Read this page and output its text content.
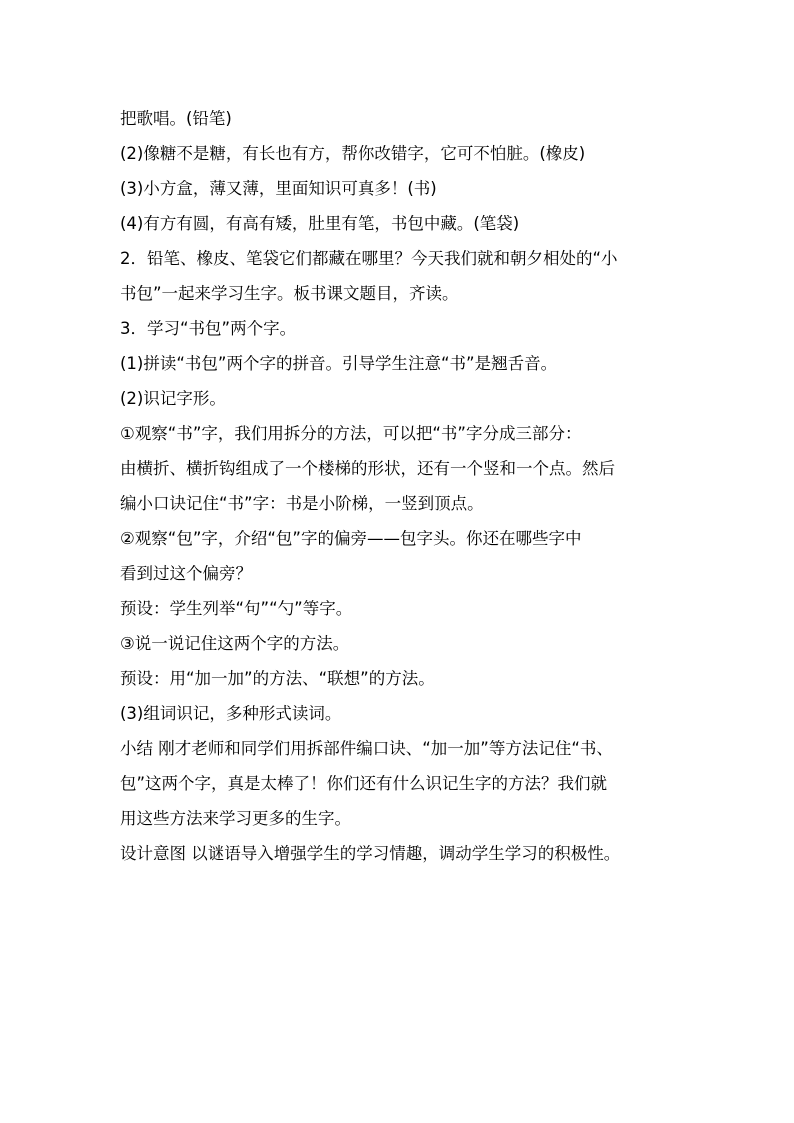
把歌唱。(铅笔)
(2)像糖不是糖，有长也有方，帮你改错字，它可不怕脏。(橡皮)
(3)小方盒，薄又薄，里面知识可真多！(书)
(4)有方有圆，有高有矮，肚里有笔，书包中藏。(笔袋)
2．铅笔、橡皮、笔袋它们都藏在哪里？今天我们就和朝夕相处的“小
书包”一起来学习生字。板书课文题目，齐读。
3．学习“书包”两个字。
(1)拼读“书包”两个字的拼音。引导学生注意“书”是翘舌音。
(2)识记字形。
①观察“书”字，我们用拆分的方法，可以把“书”字分成三部分：
由横折、横折钩组成了一个楼梯的形状，还有一个竖和一个点。然后
编小口诀记住“书”字：书是小阶梯，一竖到顶点。
②观察“包”字，介绍“包”字的偏旁——包字头。你还在哪些字中
看到过这个偏旁？
预设：学生列举“句”“勺”等字。
③说一说记住这两个字的方法。
预设：用“加一加”的方法、“联想”的方法。
(3)组词识记，多种形式读词。
小结 刚才老师和同学们用拆部件编口诀、“加一加”等方法记住“书、
包”这两个字，真是太棒了！你们还有什么识记生字的方法？我们就
用这些方法来学习更多的生字。
设计意图 以谜语导入增强学生的学习情趣，调动学生学习的积极性。
